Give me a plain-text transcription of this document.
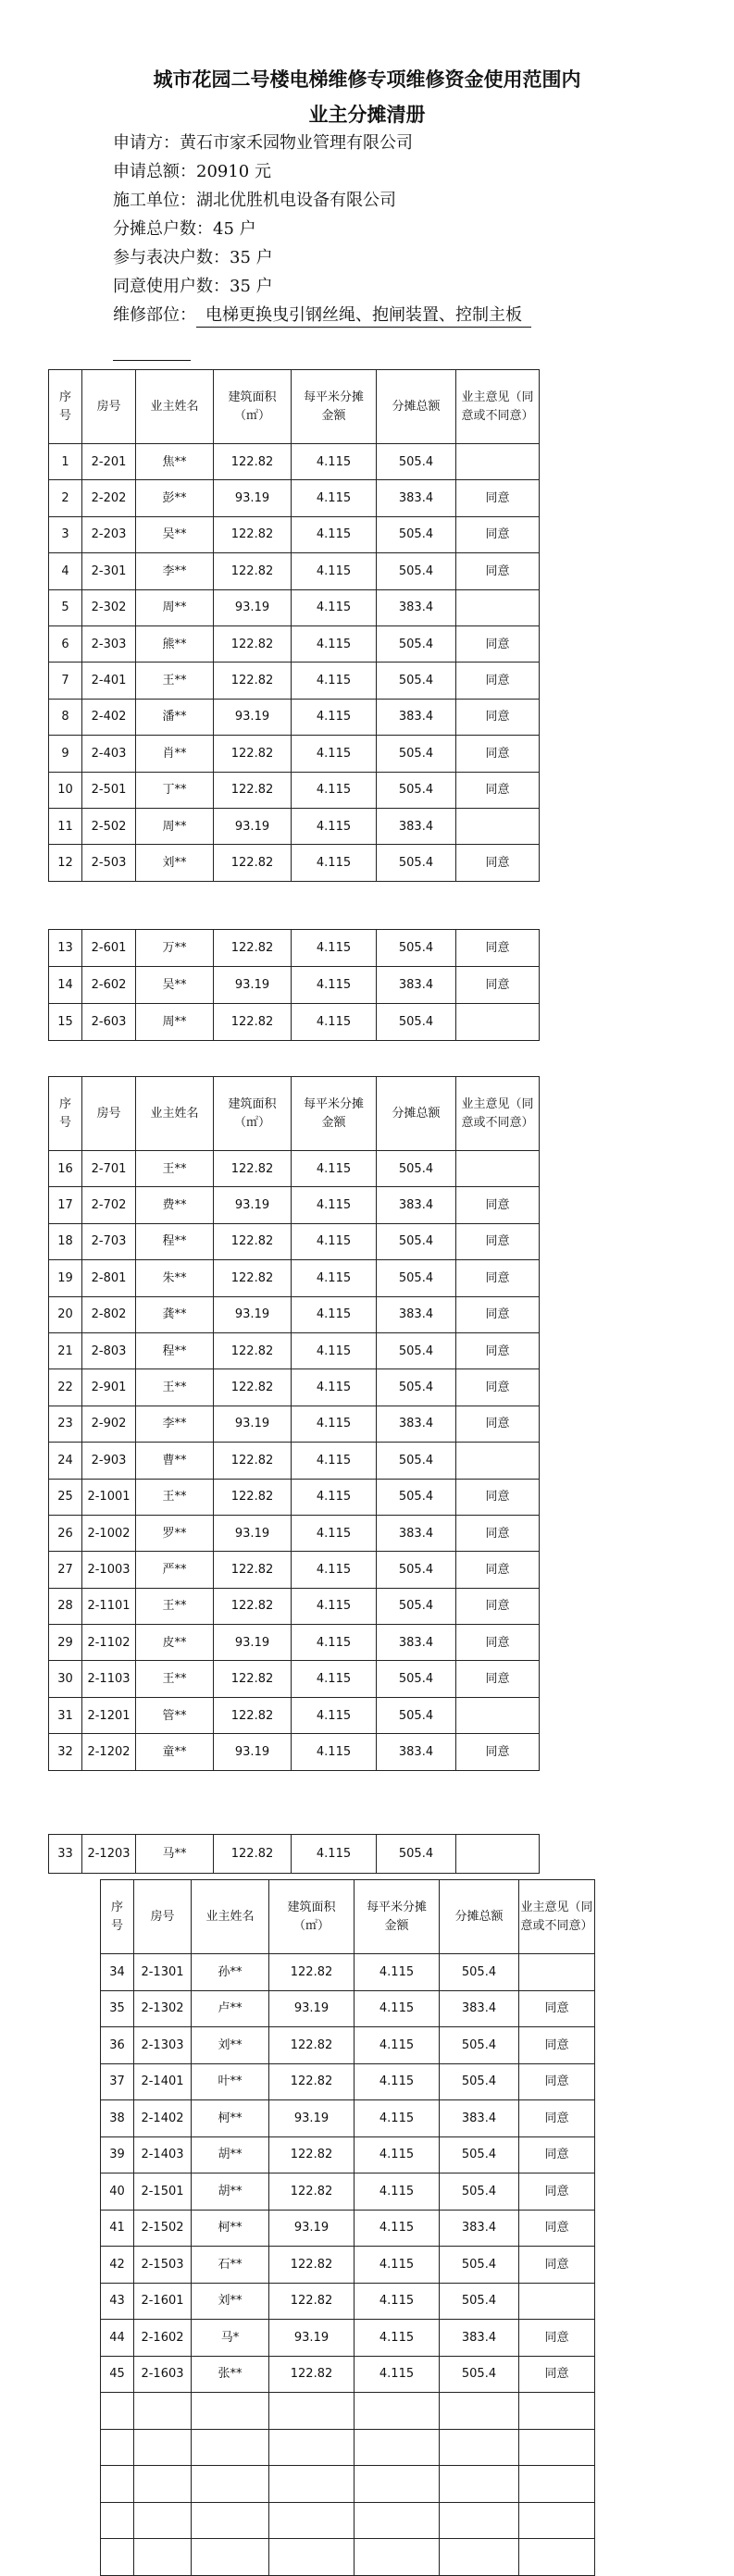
城市花园二号楼电梯维修专项维修资金使用范围内
业主分摊清册
申请方：黄石市家禾园物业管理有限公司
申请总额：20910 元
施工单位：湖北优胜机电设备有限公司
分摊总户数：45 户
参与表决户数：35 户
同意使用户数：35 户
维修部位： 电梯更换曳引钢丝绳、抱闸装置、控制主板
序
号	房号	业主姓名	建筑面积
（㎡）	每平米分摊
金额	分摊总额	业主意见（同
意或不同意）
1	2-201	焦**	122.82	4.115	505.4	
2	2-202	彭**	93.19	4.115	383.4	同意
3	2-203	吴**	122.82	4.115	505.4	同意
4	2-301	李**	122.82	4.115	505.4	同意
5	2-302	周**	93.19	4.115	383.4	
6	2-303	熊**	122.82	4.115	505.4	同意
7	2-401	王**	122.82	4.115	505.4	同意
8	2-402	潘**	93.19	4.115	383.4	同意
9	2-403	肖**	122.82	4.115	505.4	同意
10	2-501	丁**	122.82	4.115	505.4	同意
11	2-502	周**	93.19	4.115	383.4	
12	2-503	刘**	122.82	4.115	505.4	同意
13	2-601	万**	122.82	4.115	505.4	同意
14	2-602	吴**	93.19	4.115	383.4	同意
15	2-603	周**	122.82	4.115	505.4	
序
号	房号	业主姓名	建筑面积
（㎡）	每平米分摊
金额	分摊总额	业主意见（同
意或不同意）
16	2-701	王**	122.82	4.115	505.4	
17	2-702	费**	93.19	4.115	383.4	同意
18	2-703	程**	122.82	4.115	505.4	同意
19	2-801	朱**	122.82	4.115	505.4	同意
20	2-802	龚**	93.19	4.115	383.4	同意
21	2-803	程**	122.82	4.115	505.4	同意
22	2-901	王**	122.82	4.115	505.4	同意
23	2-902	李**	93.19	4.115	383.4	同意
24	2-903	曹**	122.82	4.115	505.4	
25	2-1001	王**	122.82	4.115	505.4	同意
26	2-1002	罗**	93.19	4.115	383.4	同意
27	2-1003	严**	122.82	4.115	505.4	同意
28	2-1101	王**	122.82	4.115	505.4	同意
29	2-1102	皮**	93.19	4.115	383.4	同意
30	2-1103	王**	122.82	4.115	505.4	同意
31	2-1201	管**	122.82	4.115	505.4	
32	2-1202	童**	93.19	4.115	383.4	同意
33	2-1203	马**	122.82	4.115	505.4	
序
号	房号	业主姓名	建筑面积
（㎡）	每平米分摊
金额	分摊总额	业主意见（同
意或不同意）
34	2-1301	孙**	122.82	4.115	505.4	
35	2-1302	卢**	93.19	4.115	383.4	同意
36	2-1303	刘**	122.82	4.115	505.4	同意
37	2-1401	叶**	122.82	4.115	505.4	同意
38	2-1402	柯**	93.19	4.115	383.4	同意
39	2-1403	胡**	122.82	4.115	505.4	同意
40	2-1501	胡**	122.82	4.115	505.4	同意
41	2-1502	柯**	93.19	4.115	383.4	同意
42	2-1503	石**	122.82	4.115	505.4	同意
43	2-1601	刘**	122.82	4.115	505.4	
44	2-1602	马*	93.19	4.115	383.4	同意
45	2-1603	张**	122.82	4.115	505.4	同意
